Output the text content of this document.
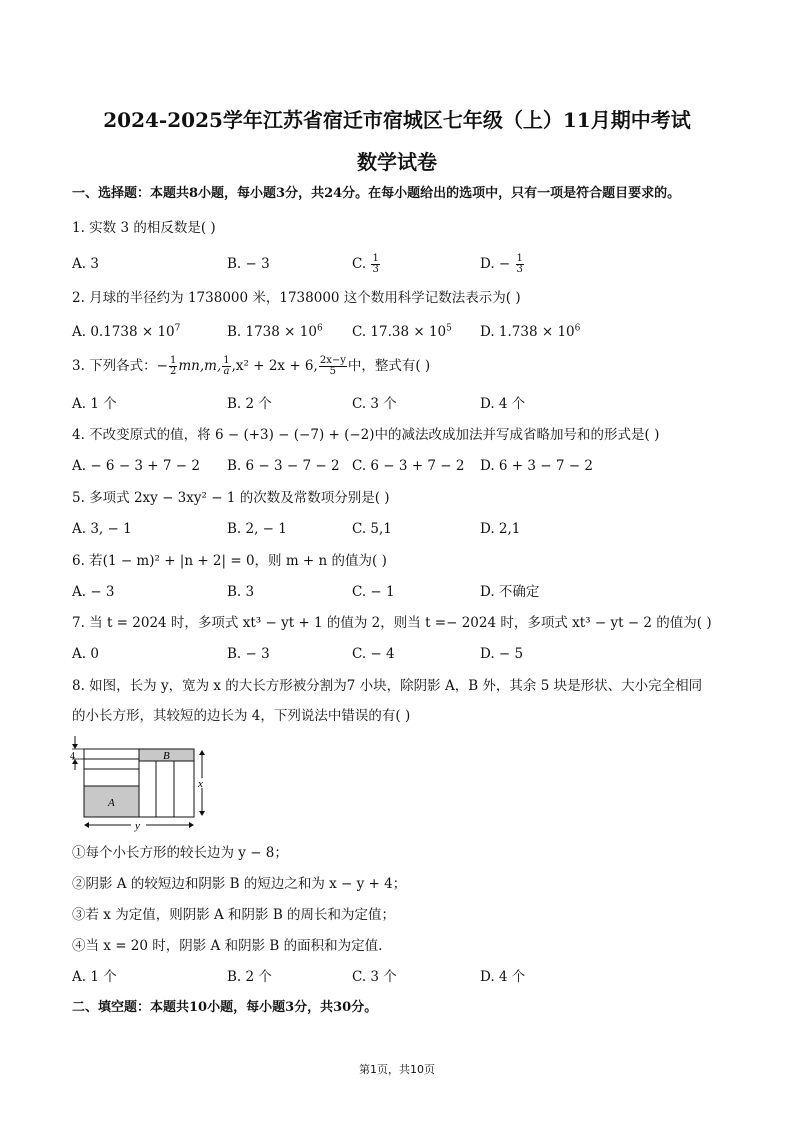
2024-2025学年江苏省宿迁市宿城区七年级（上）11月期中考试
数学试卷
一、选择题：本题共8小题，每小题3分，共24分。在每小题给出的选项中，只有一项是符合题目要求的。
1. 实数 3 的相反数是( )
A. 3	B. − 3	C. $\frac{1}{3}$	D. − $\frac{1}{3}$
2. 月球的半径约为 1738000 米，1738000 这个数用科学记数法表示为( )
A. $0.1738 \times 10^7$	B. $1738 \times 10^6$ C. $17.38 \times 10^5$ D. $1.738 \times 10^6$
3. 下列各式：− $\frac{1}{2} mn,m$, $\frac{1}{a} ,x^2 + 2x + 6$, $\frac{2x-y}{5}$ 中，整式有( )
A. 1 个	B. 2 个	C. 3 个	D. 4 个
4. 不改变原式的值，将 6 − (+3) − (−7) + (−2)中的减法改成加法并写成省略加号和的形式是( )
A. − 6 − 3 + 7 − 2 B. 6 − 3 − 7 − 2 C. 6 − 3 + 7 − 2 D. 6 + 3 − 7 − 2
5. 多项式 2xy − 3xy² − 1 的次数及常数项分别是( )
A. 3, − 1	B. 2, − 1	C. 5,1	D. 2,1
6. 若(1 − m)² + |n + 2| = 0，则 m + n 的值为( )
A. − 3	B. 3	C. − 1	D. 不确定
7. 当 t = 2024 时，多项式 xt³ − yt + 1 的值为 2，则当 t =− 2024 时，多项式 xt³ − yt − 2 的值为( )
A. 0	B. − 3	C. − 4	D. − 5
8. 如图，长为 y，宽为 x 的大长方形被分割为7 小块，除阴影 A，B 外，其余 5 块是形状、大小完全相同
的小长方形，其较短的边长为 4，下列说法中错误的有( )
4
A
B
x
y
①每个小长方形的较长边为 y − 8；
②阴影 A 的较短边和阴影 B 的短边之和为 x − y + 4；
③若 x 为定值，则阴影 A 和阴影 B 的周长和为定值；
④当 x = 20 时，阴影 A 和阴影 B 的面积和为定值.
A. 1 个	B. 2 个	C. 3 个	D. 4 个
二、填空题：本题共10小题，每小题3分，共30分。
第1页，共10页
